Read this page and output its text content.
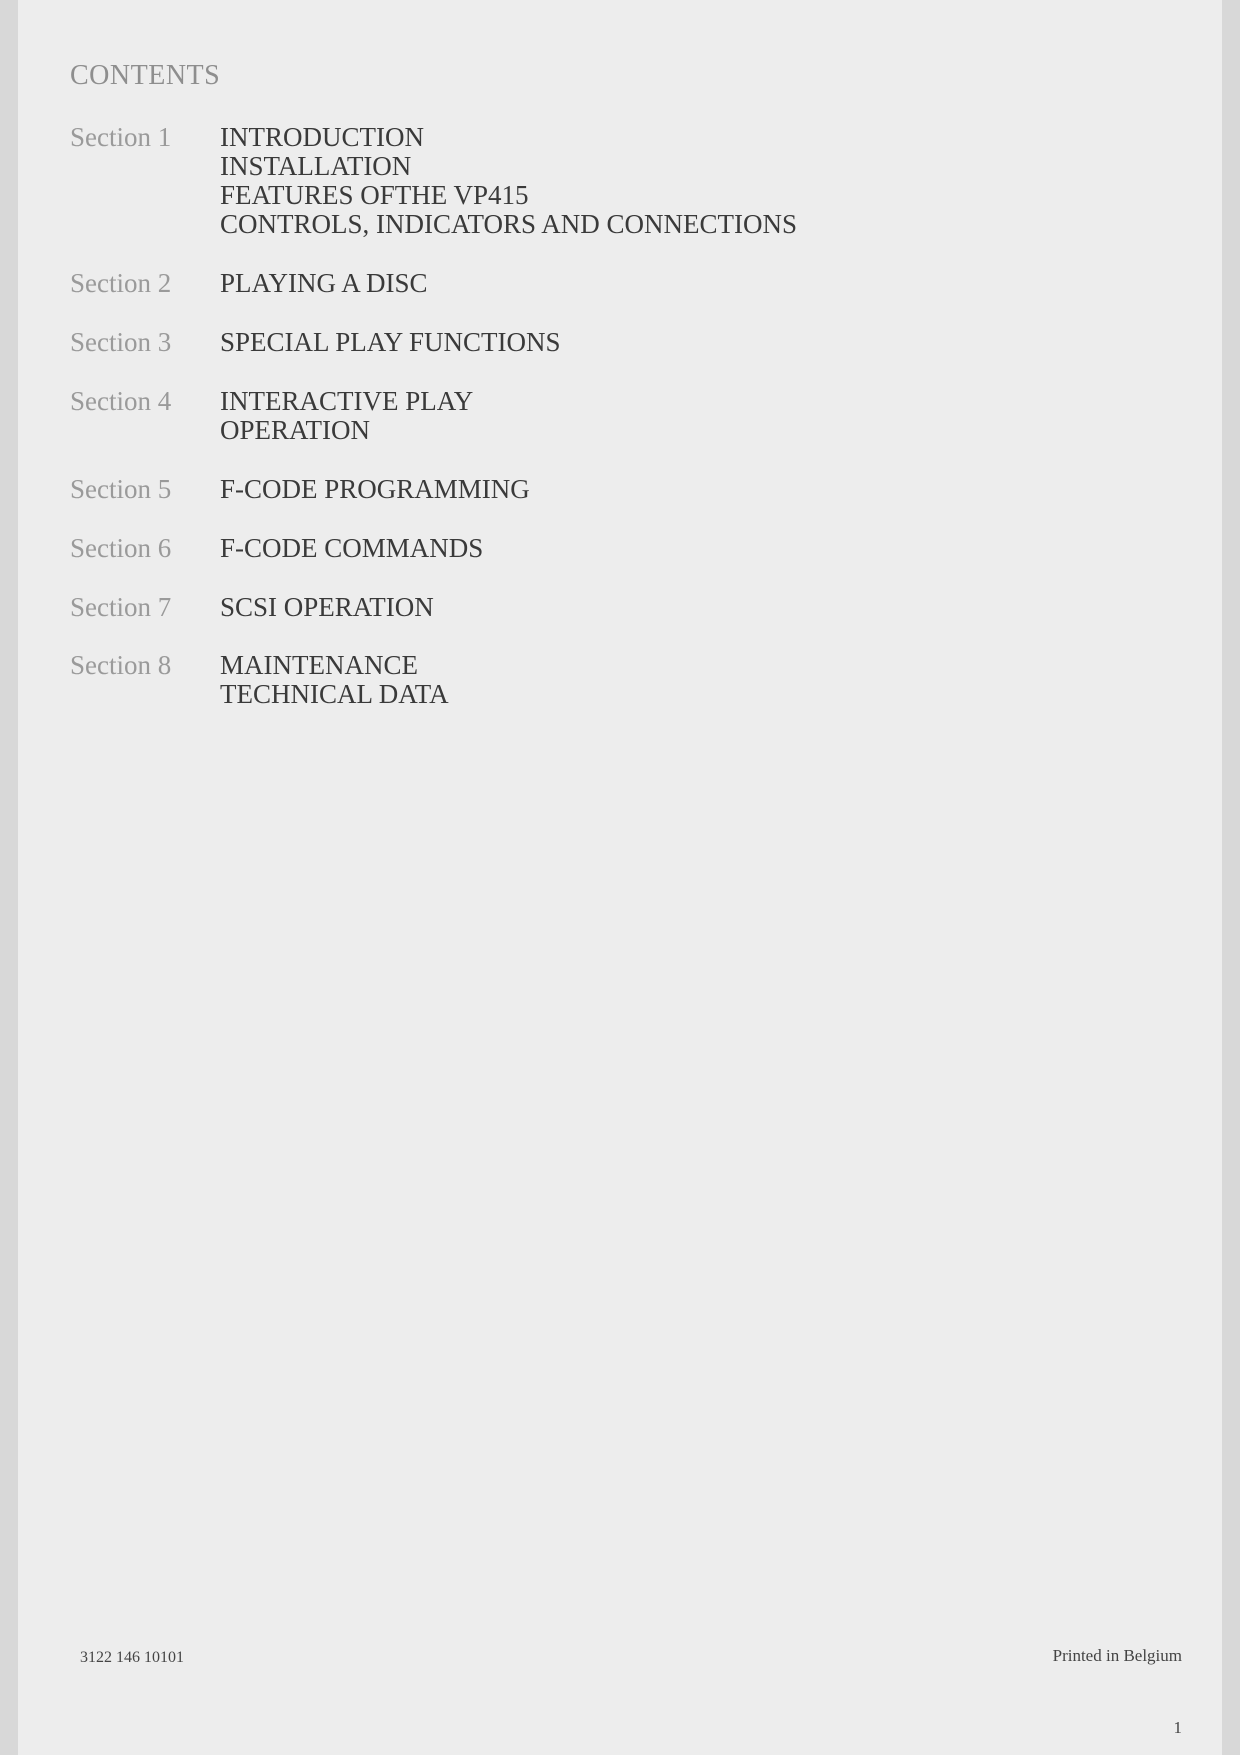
CONTENTS
Section 1	INTRODUCTION
INSTALLATION
FEATURES OFTHE VP415
CONTROLS, INDICATORS AND CONNECTIONS
Section 2	PLAYING A DISC
Section 3	SPECIAL PLAY FUNCTIONS
Section 4	INTERACTIVE PLAY
OPERATION
Section 5	F-CODE PROGRAMMING
Section 6	F-CODE COMMANDS
Section 7	SCSI OPERATION
Section 8	MAINTENANCE
TECHNICAL DATA
3122 146 10101	Printed in Belgium
1
